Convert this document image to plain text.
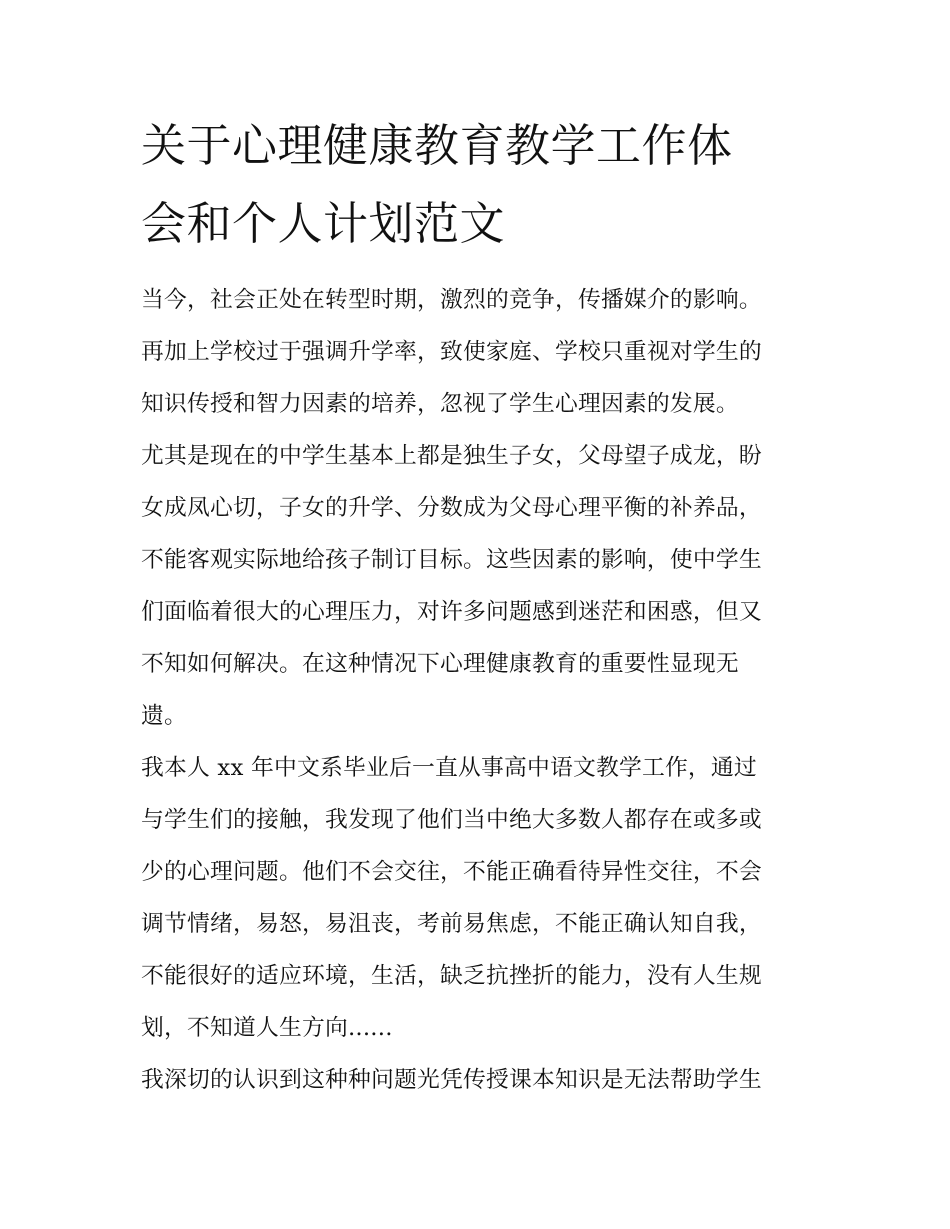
关于心理健康教育教学工作体
会和个人计划范文
当今，社会正处在转型时期，激烈的竞争，传播媒介的影响。
再加上学校过于强调升学率，致使家庭、学校只重视对学生的
知识传授和智力因素的培养，忽视了学生心理因素的发展。
尤其是现在的中学生基本上都是独生子女，父母望子成龙，盼
女成凤心切，子女的升学、分数成为父母心理平衡的补养品，
不能客观实际地给孩子制订目标。这些因素的影响，使中学生
们面临着很大的心理压力，对许多问题感到迷茫和困惑，但又
不知如何解决。在这种情况下心理健康教育的重要性显现无
遗。
我本人 xx 年中文系毕业后一直从事高中语文教学工作，通过
与学生们的接触，我发现了他们当中绝大多数人都存在或多或
少的心理问题。他们不会交往，不能正确看待异性交往，不会
调节情绪，易怒，易沮丧，考前易焦虑，不能正确认知自我，
不能很好的适应环境，生活，缺乏抗挫折的能力，没有人生规
划，不知道人生方向......
我深切的认识到这种种问题光凭传授课本知识是无法帮助学生
